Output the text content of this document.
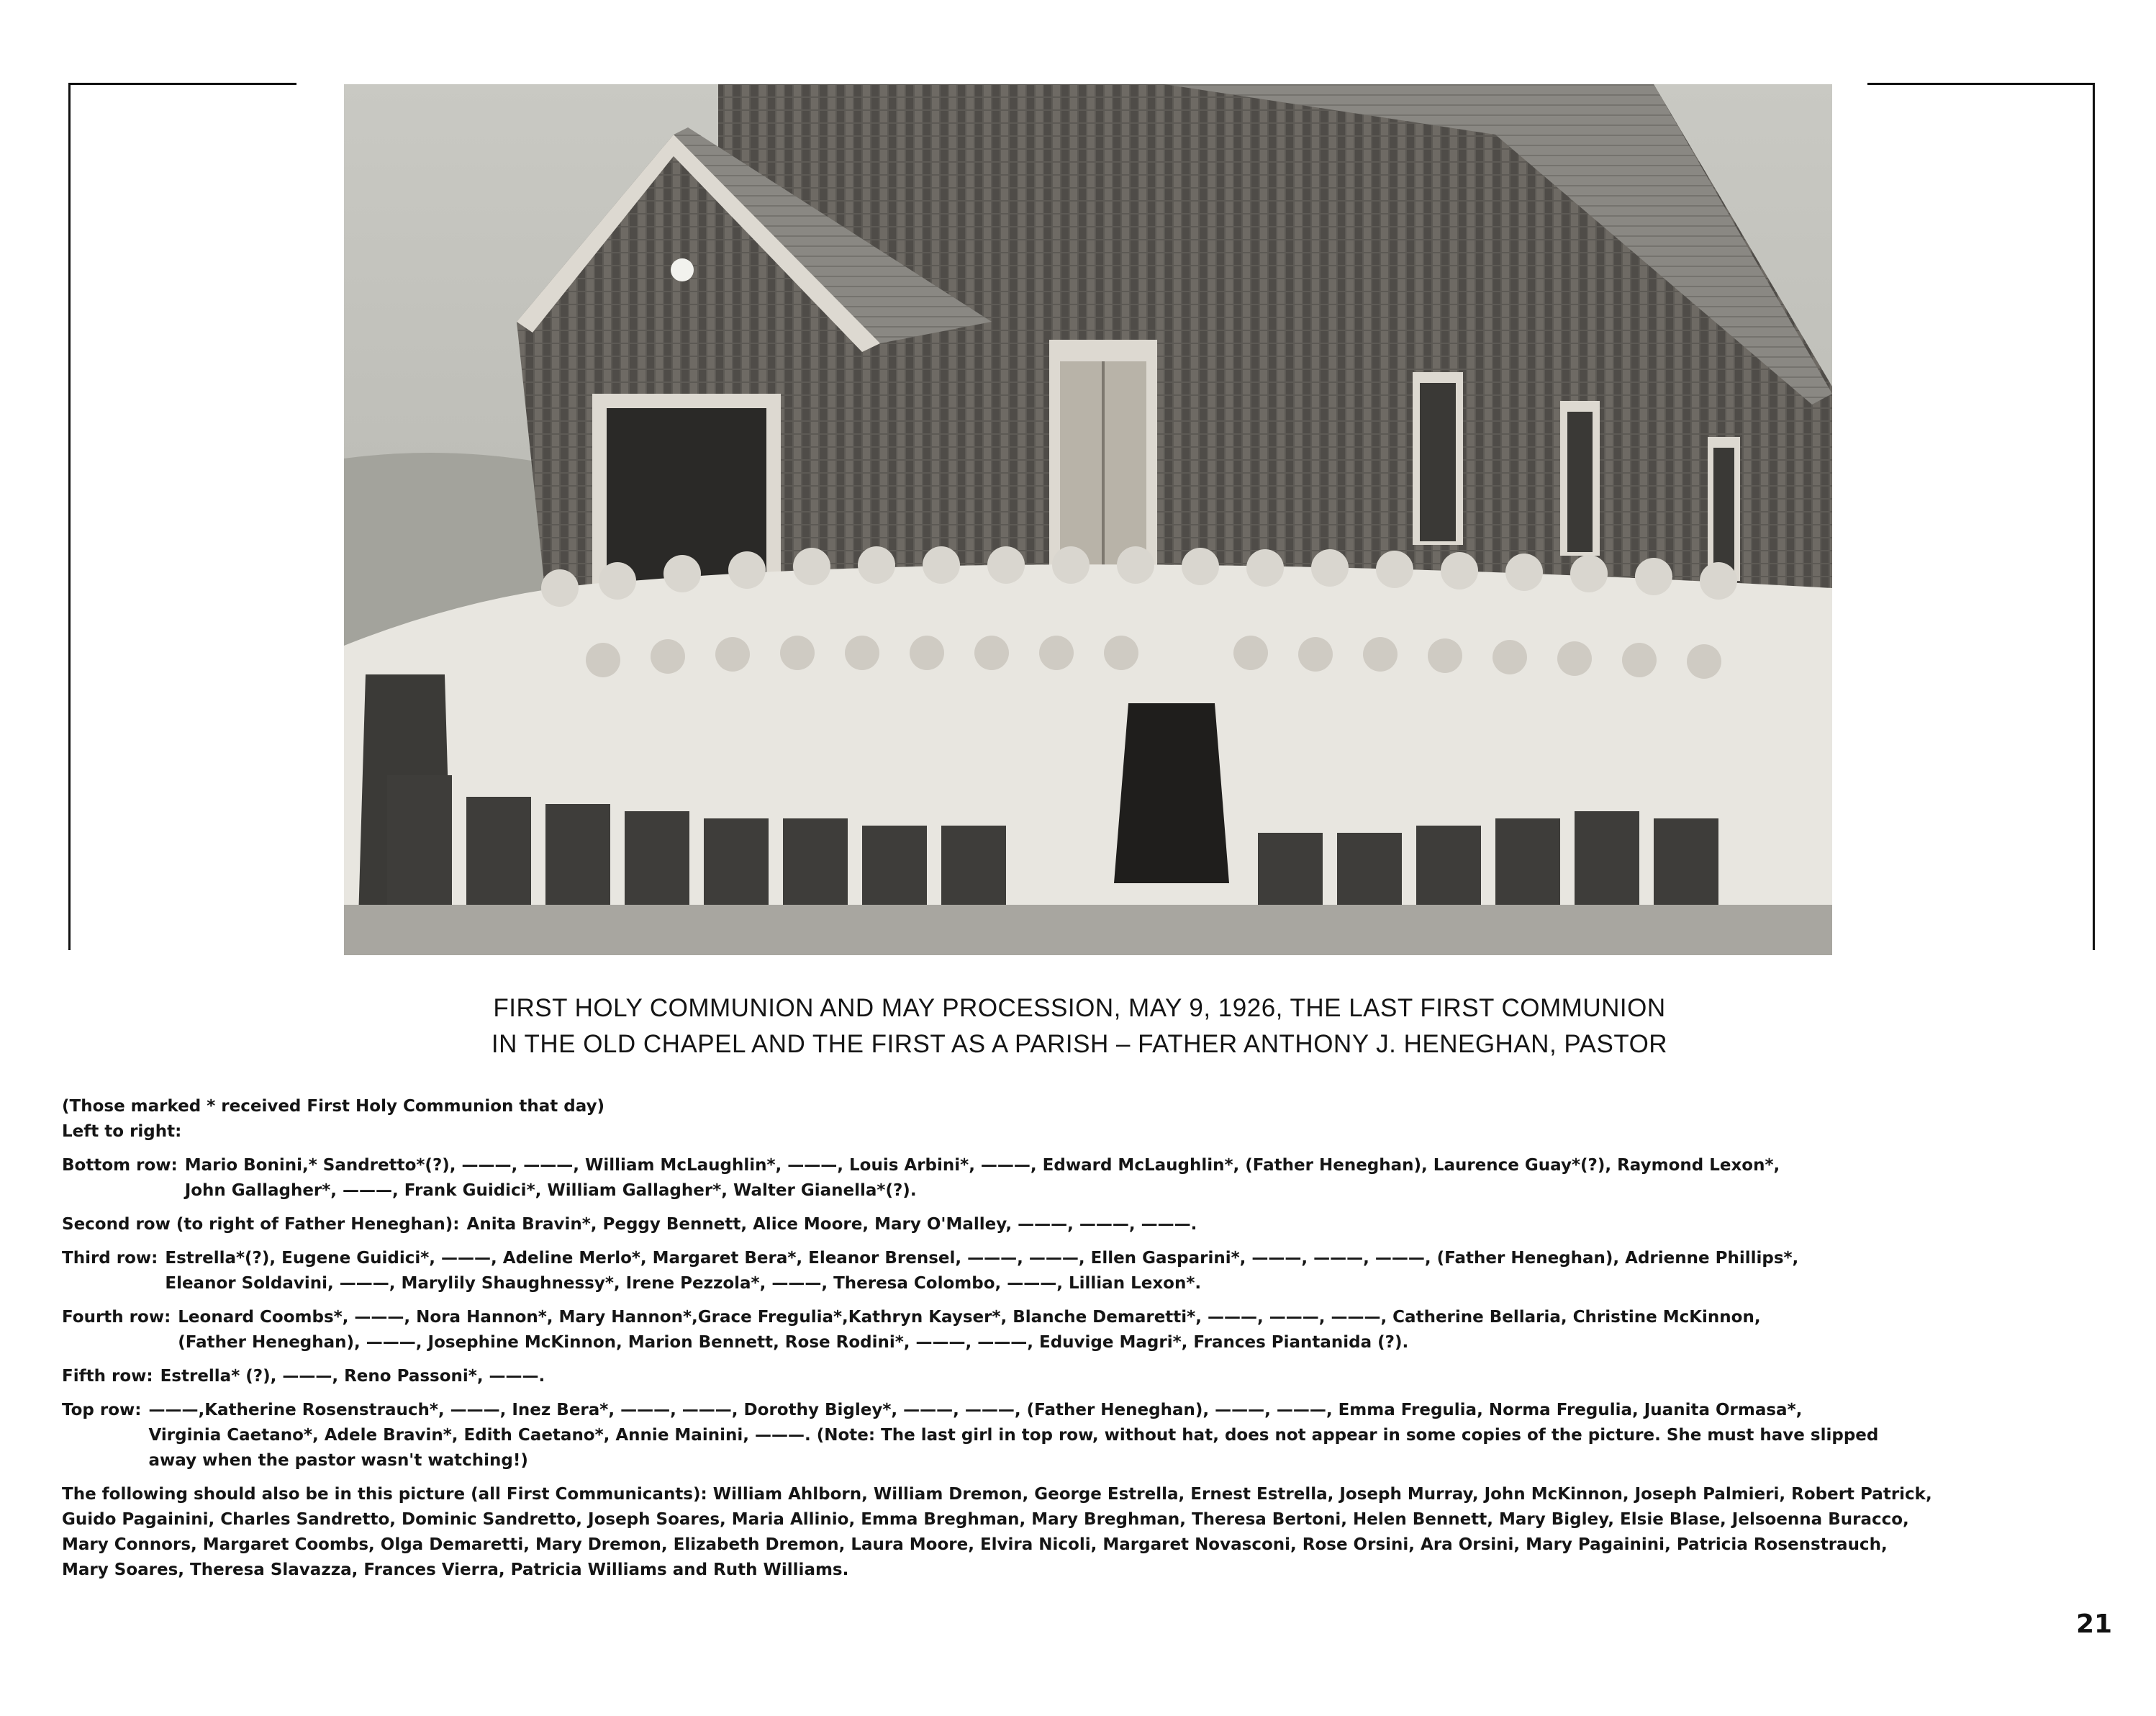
FIRST HOLY COMMUNION AND MAY PROCESSION, MAY 9, 1926, THE LAST FIRST COMMUNION
IN THE OLD CHAPEL AND THE FIRST AS A PARISH – FATHER ANTHONY J. HENEGHAN, PASTOR
(Those marked * received First Holy Communion that day)
Left to right:
Bottom row: Mario Bonini,* Sandretto*(?), ———, ———, William McLaughlin*, ———, Louis Arbini*, ———, Edward McLaughlin*, (Father Heneghan), Laurence Guay*(?), Raymond Lexon*,
John Gallagher*, ———, Frank Guidici*, William Gallagher*, Walter Gianella*(?).
Second row (to right of Father Heneghan): Anita Bravin*, Peggy Bennett, Alice Moore, Mary O'Malley, ———, ———, ———.
Third row: Estrella*(?), Eugene Guidici*, ———, Adeline Merlo*, Margaret Bera*, Eleanor Brensel, ———, ———, Ellen Gasparini*, ———, ———, ———, (Father Heneghan), Adrienne Phillips*,
Eleanor Soldavini, ———, Marylily Shaughnessy*, Irene Pezzola*, ———, Theresa Colombo, ———, Lillian Lexon*.
Fourth row: Leonard Coombs*, ———, Nora Hannon*, Mary Hannon*,Grace Fregulia*,Kathryn Kayser*, Blanche Demaretti*, ———, ———, ———, Catherine Bellaria, Christine McKinnon,
(Father Heneghan), ———, Josephine McKinnon, Marion Bennett, Rose Rodini*, ———, ———, Eduvige Magri*, Frances Piantanida (?).
Fifth row: Estrella* (?), ———, Reno Passoni*, ———.
Top row: ———,Katherine Rosenstrauch*, ———, Inez Bera*, ———, ———, Dorothy Bigley*, ———, ———, (Father Heneghan), ———, ———, Emma Fregulia, Norma Fregulia, Juanita Ormasa*,
Virginia Caetano*, Adele Bravin*, Edith Caetano*, Annie Mainini, ———. (Note: The last girl in top row, without hat, does not appear in some copies of the picture. She must have slipped
away when the pastor wasn't watching!)
The following should also be in this picture (all First Communicants): William Ahlborn, William Dremon, George Estrella, Ernest Estrella, Joseph Murray, John McKinnon, Joseph Palmieri, Robert Patrick,
Guido Pagainini, Charles Sandretto, Dominic Sandretto, Joseph Soares, Maria Allinio, Emma Breghman, Mary Breghman, Theresa Bertoni, Helen Bennett, Mary Bigley, Elsie Blase, Jelsoenna Buracco,
Mary Connors, Margaret Coombs, Olga Demaretti, Mary Dremon, Elizabeth Dremon, Laura Moore, Elvira Nicoli, Margaret Novasconi, Rose Orsini, Ara Orsini, Mary Pagainini, Patricia Rosenstrauch,
Mary Soares, Theresa Slavazza, Frances Vierra, Patricia Williams and Ruth Williams.
21
